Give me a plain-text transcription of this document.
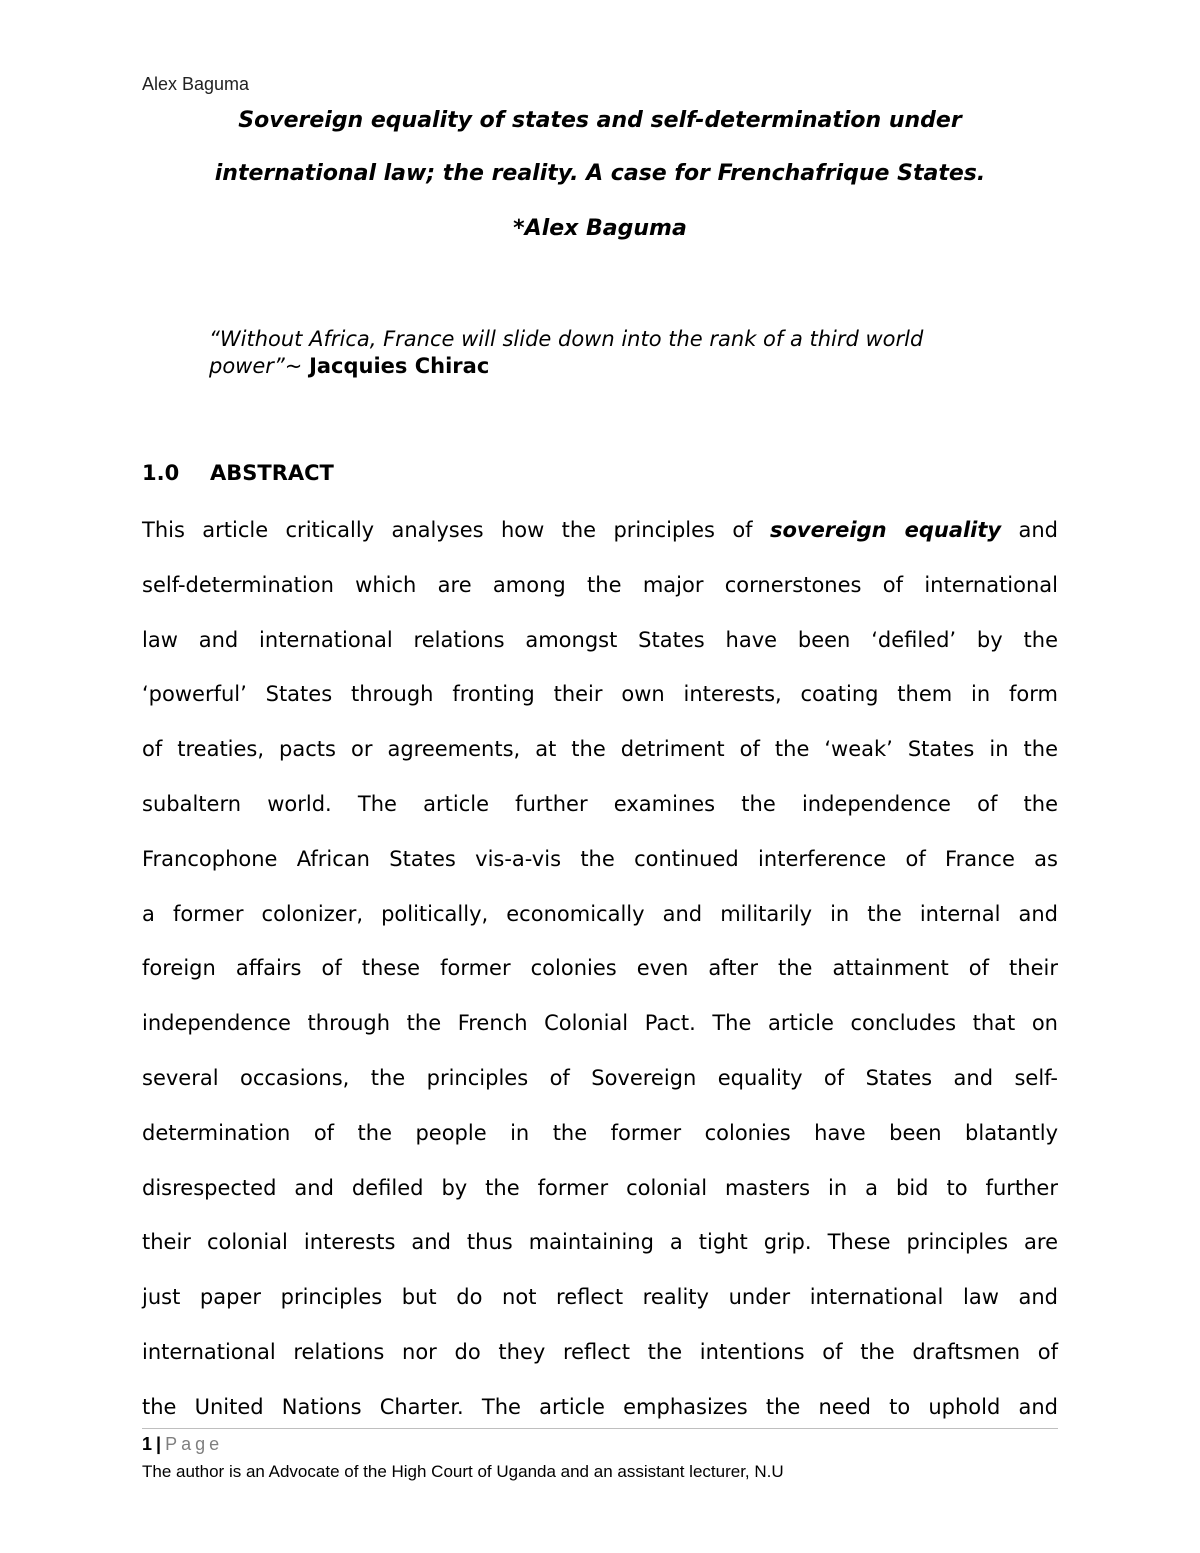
Alex Baguma
Sovereign equality of states and self-determination under
international law; the reality. A case for Frenchafrique States.
*Alex Baguma
“Without Africa, France will slide down into the rank of a third world
power”~ Jacquies Chirac
1.0 ABSTRACT
This article critically analyses how the principles of sovereign equality and
self-determination which are among the major cornerstones of international
law and international relations amongst States have been ‘defiled’ by the
‘powerful’ States through fronting their own interests, coating them in form
of treaties, pacts or agreements, at the detriment of the ‘weak’ States in the
subaltern world. The article further examines the independence of the
Francophone African States vis-a-vis the continued interference of France as
a former colonizer, politically, economically and militarily in the internal and
foreign affairs of these former colonies even after the attainment of their
independence through the French Colonial Pact. The article concludes that on
several occasions, the principles of Sovereign equality of States and self-
determination of the people in the former colonies have been blatantly
disrespected and defiled by the former colonial masters in a bid to further
their colonial interests and thus maintaining a tight grip. These principles are
just paper principles but do not reflect reality under international law and
international relations nor do they reflect the intentions of the draftsmen of
the United Nations Charter. The article emphasizes the need to uphold and
1 | Page
The author is an Advocate of the High Court of Uganda and an assistant lecturer, N.U
